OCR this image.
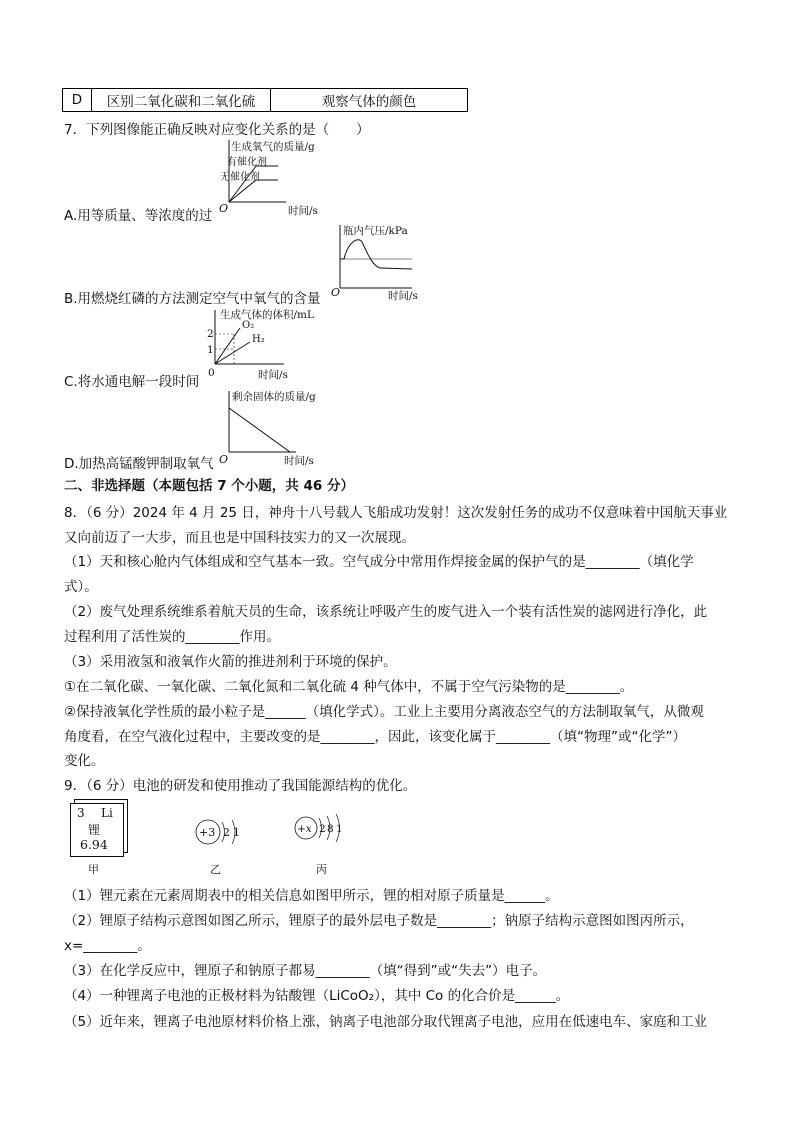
D	区别二氧化碳和二氧化硫	观察气体的颜色
7．下列图像能正确反映对应变化关系的是（　　）
生成氧气的质量/g
有催化剂
无催化剂
O	时间/s
A.用等质量、等浓度的过
瓶内气压/kPa
O	时间/s
B.用燃烧红磷的方法测定空气中氧气的含量
生成气体的体积/mL
2
1
O₂
H₂
0	时间/s
C.将水通电解一段时间
剩余固体的质量/g
O	时间/s
D.加热高锰酸钾制取氧气
二、非选择题（本题包括 7 个小题，共 46 分）
8．（6 分）2024 年 4 月 25 日，神舟十八号载人飞船成功发射！这次发射任务的成功不仅意味着中国航天事业
又向前迈了一大步，而且也是中国科技实力的又一次展现。
（1）天和核心舱内气体组成和空气基本一致。空气成分中常用作焊接金属的保护气的是________（填化学
式）。
（2）废气处理系统维系着航天员的生命，该系统让呼吸产生的废气进入一个装有活性炭的滤网进行净化，此
过程利用了活性炭的________作用。
（3）采用液氢和液氧作火箭的推进剂利于环境的保护。
①在二氧化碳、一氧化碳、二氧化氮和二氧化硫 4 种气体中，不属于空气污染物的是________。
②保持液氧化学性质的最小粒子是______（填化学式）。工业上主要用分离液态空气的方法制取氧气，从微观
角度看，在空气液化过程中，主要改变的是________，因此，该变化属于________（填“物理”或“化学”）
变化。
9．（6 分）电池的研发和使用推动了我国能源结构的优化。
3 Li
锂
6.94
+3 2 1	+x 2 8 1
甲	乙	丙
（1）锂元素在元素周期表中的相关信息如图甲所示，锂的相对原子质量是______。
（2）锂原子结构示意图如图乙所示，锂原子的最外层电子数是________；钠原子结构示意图如图丙所示，
x=________。
（3）在化学反应中，锂原子和钠原子都易________（填“得到”或“失去”）电子。
（4）一种锂离子电池的正极材料为钴酸锂（LiCoO₂），其中 Co 的化合价是______。
（5）近年来，锂离子电池原材料价格上涨，钠离子电池部分取代锂离子电池，应用在低速电车、家庭和工业
